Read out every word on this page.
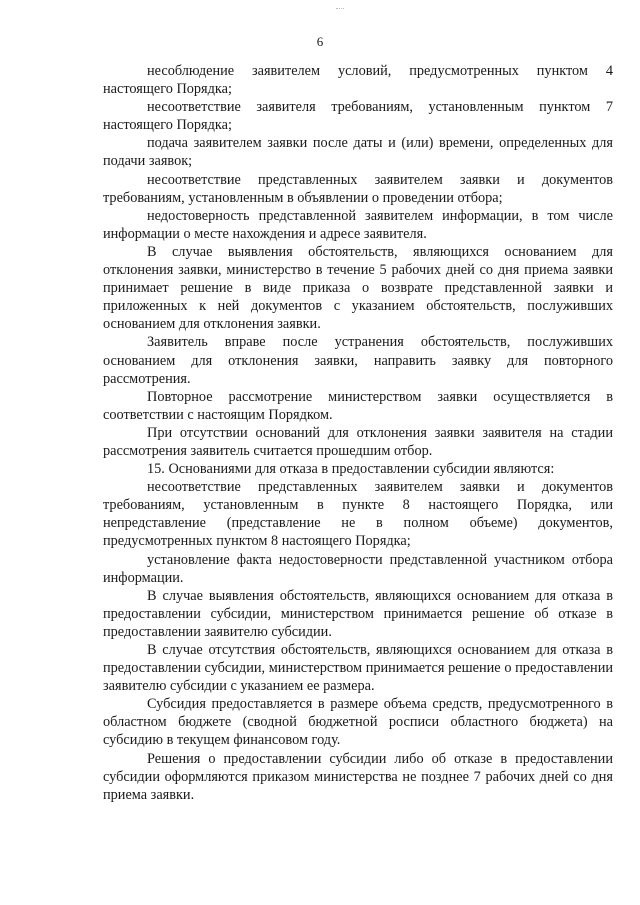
6

несоблюдение заявителем условий, предусмотренных пунктом 4 настоящего Порядка;

несоответствие заявителя требованиям, установленным пунктом 7 настоящего Порядка;

подача заявителем заявки после даты и (или) времени, определенных для подачи заявок;

несоответствие представленных заявителем заявки и документов требованиям, установленным в объявлении о проведении отбора;

недостоверность представленной заявителем информации, в том числе информации о месте нахождения и адресе заявителя.

В случае выявления обстоятельств, являющихся основанием для отклонения заявки, министерство в течение 5 рабочих дней со дня приема заявки принимает решение в виде приказа о возврате представленной заявки и приложенных к ней документов с указанием обстоятельств, послуживших основанием для отклонения заявки.

Заявитель вправе после устранения обстоятельств, послуживших основанием для отклонения заявки, направить заявку для повторного рассмотрения.

Повторное рассмотрение министерством заявки осуществляется в соответствии с настоящим Порядком.

При отсутствии оснований для отклонения заявки заявителя на стадии рассмотрения заявитель считается прошедшим отбор.

15. Основаниями для отказа в предоставлении субсидии являются:

несоответствие представленных заявителем заявки и документов требованиям, установленным в пункте 8 настоящего Порядка, или непредставление (представление не в полном объеме) документов, предусмотренных пунктом 8 настоящего Порядка;

установление факта недостоверности представленной участником отбора информации.

В случае выявления обстоятельств, являющихся основанием для отказа в предоставлении субсидии, министерством принимается решение об отказе в предоставлении заявителю субсидии.

В случае отсутствия обстоятельств, являющихся основанием для отказа в предоставлении субсидии, министерством принимается решение о предоставлении заявителю субсидии с указанием ее размера.

Субсидия предоставляется в размере объема средств, предусмотренного в областном бюджете (сводной бюджетной росписи областного бюджета) на субсидию в текущем финансовом году.

Решения о предоставлении субсидии либо об отказе в предоставлении субсидии оформляются приказом министерства не позднее 7 рабочих дней со дня приема заявки.
